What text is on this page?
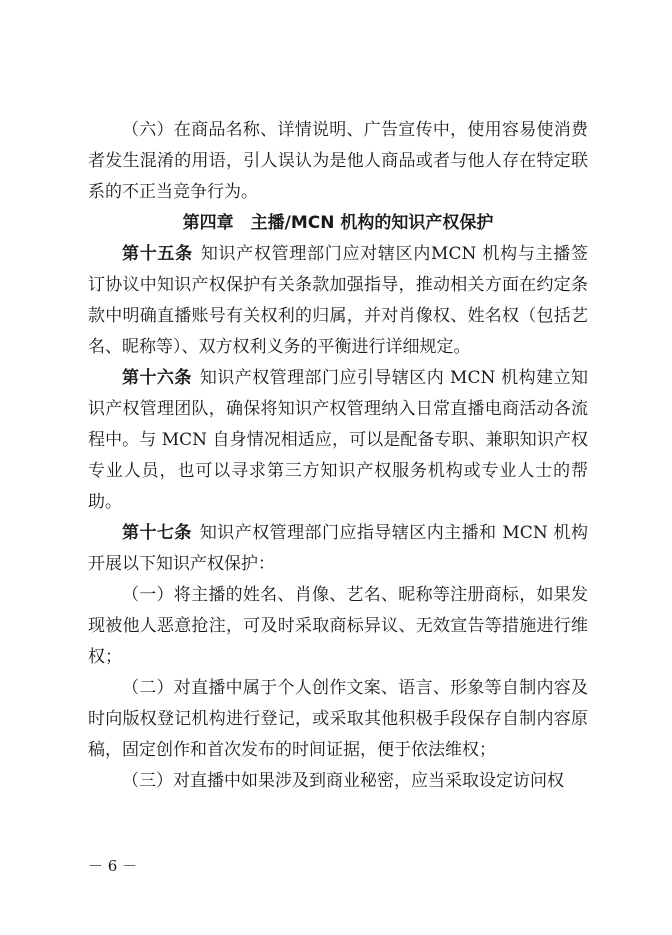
（六）在商品名称、详情说明、广告宣传中，使用容易使消费者发生混淆的用语，引人误认为是他人商品或者与他人存在特定联系的不正当竞争行为。

第四章　主播/MCN 机构的知识产权保护

第十五条 知识产权管理部门应对辖区内MCN 机构与主播签订协议中知识产权保护有关条款加强指导，推动相关方面在约定条款中明确直播账号有关权利的归属，并对肖像权、姓名权（包括艺名、昵称等）、双方权利义务的平衡进行详细规定。

第十六条 知识产权管理部门应引导辖区内 MCN 机构建立知识产权管理团队，确保将知识产权管理纳入日常直播电商活动各流程中。与 MCN 自身情况相适应，可以是配备专职、兼职知识产权专业人员，也可以寻求第三方知识产权服务机构或专业人士的帮助。

第十七条 知识产权管理部门应指导辖区内主播和 MCN 机构开展以下知识产权保护：

（一）将主播的姓名、肖像、艺名、昵称等注册商标，如果发现被他人恶意抢注，可及时采取商标异议、无效宣告等措施进行维权；

（二）对直播中属于个人创作文案、语言、形象等自制内容及时向版权登记机构进行登记，或采取其他积极手段保存自制内容原稿，固定创作和首次发布的时间证据，便于依法维权；

（三）对直播中如果涉及到商业秘密，应当采取设定访问权

－ 6 －
